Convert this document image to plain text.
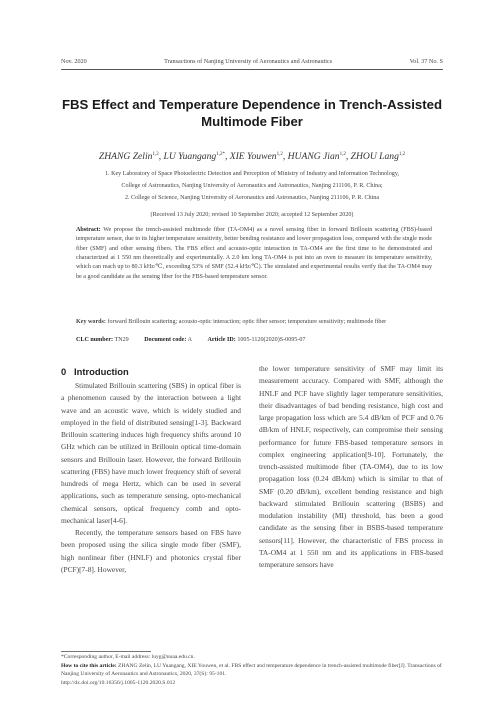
Nov. 2020	Transactions of Nanjing University of Aeronautics and Astronautics	Vol. 37 No. S
FBS Effect and Temperature Dependence in Trench-Assisted
Multimode Fiber
ZHANG Zelin$^{1,2}$, LU Yuangang$^{1,2*}$, XIE Youwen$^{1,2}$, HUANG Jian$^{1,2}$, ZHOU Lang$^{1,2}$
1. Key Laboratory of Space Photoelectric Detection and Perception of Ministry of Industry and Information Technology,
College of Astronautics, Nanjing University of Aeronautics and Astronautics, Nanjing 211106, P. R. China;
2. College of Science, Nanjing University of Aeronautics and Astronautics, Nanjing 211106, P. R. China
(Received 13 July 2020; revised 10 September 2020; accepted 12 September 2020)
Abstract: We propose the trench-assisted multimode fiber (TA-OM4) as a novel sensing fiber in forward Brillouin scattering (FBS)-based temperature sensor, due to its higher temperature sensitivity, better bending resistance and lower propagation loss, compared with the single mode fiber (SMF) and other sensing fibers. The FBS effect and acousto-optic interaction in TA-OM4 are the first time to be demonstrated and characterized at 1 550 nm theoretically and experimentally. A 2.0 km long TA-OM4 is put into an oven to measure its temperature sensitivity, which can reach up to 80.3 kHz/℃, exceeding 53% of SMF (52.4 kHz/℃). The simulated and experimental results verify that the TA-OM4 may be a good candidate as the sensing fiber for the FBS-based temperature sensor.
Key words: forward Brillouin scattering; acousto-optic interaction; optic fiber sensor; temperature sensitivity; multimode fiber
CLC number: TN29	Document code: A	Article ID: 1005-1120(2020)S-0095-07
0 Introduction

Stimulated Brillouin scattering (SBS) in optical fiber is a phenomenon caused by the interaction between a light wave and an acoustic wave, which is widely studied and employed in the field of distributed sensing[1-3]. Backward Brillouin scattering induces high frequency shifts around 10 GHz which can be utilized in Brillouin optical time-domain sensors and Brillouin laser. However, the forward Brillouin scattering (FBS) have much lower frequency shift of several hundreds of mega Hertz, which can be used in several applications, such as temperature sensing, opto-mechanical chemical sensors, optical frequency comb and opto-mechanical laser[4-6].

Recently, the temperature sensors based on FBS have been proposed using the silica single mode fiber (SMF), high nonlinear fiber (HNLF) and photonics crystal fiber (PCF)[7-8]. However,

the lower temperature sensitivity of SMF may limit its measurement accuracy. Compared with SMF, although the HNLF and PCF have slightly lager temperature sensitivities, their disadvantages of bad bending resistance, high cost and large propagation loss which are 5.4 dB/km of PCF and 0.76 dB/km of HNLF, respectively, can compromise their sensing performance for future FBS-based temperature sensors in complex engineering application[9-10]. Fortunately, the trench-assisted multimode fiber (TA-OM4), due to its low propagation loss (0.24 dB/km) which is similar to that of SMF (0.20 dB/km), excellent bending resistance and high backward stimulated Brillouin scattering (BSBS) and modulation instability (MI) threshold, has been a good candidate as the sensing fiber in BSBS-based temperature sensors[11]. However, the characteristic of FBS process in TA-OM4 at 1 550 nm and its applications in FBS-based temperature sensors have

*Corresponding author, E-mail address: luyg@nuaa.edu.cn.
How to cite this article: ZHANG Zelin, LU Yuangang, XIE Youwen, et al. FBS effect and temperature dependence in trench-assisted multimode fiber[J]. Transactions of Nanjing University of Aeronautics and Astronautics, 2020, 37(S): 95-101.
http://dx.doi.org/10.16356/j.1005-1120.2020.S.012
